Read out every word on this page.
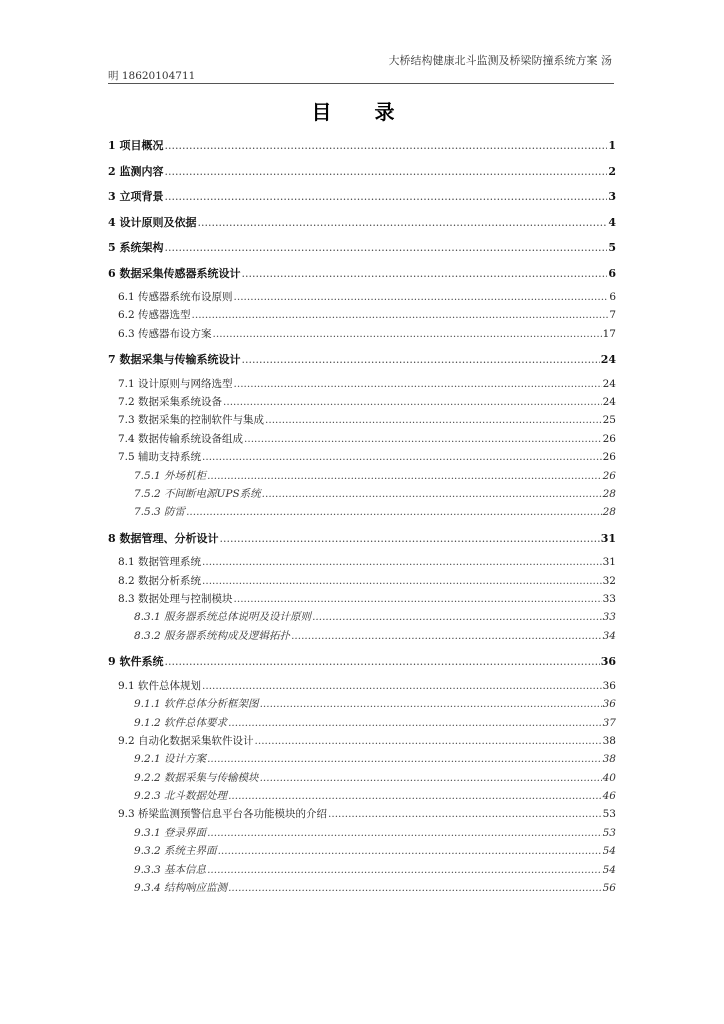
大桥结构健康北斗监测及桥梁防撞系统方案 汤
明 18620104711
目 录
1 项目概况 .....	1
2 监测内容 .....	2
3 立项背景 .....	3
4 设计原则及依据 .....	4
5 系统架构 .....	5
6 数据采集传感器系统设计 .....	6
6.1 传感器系统布设原则 .....	6
6.2 传感器选型 .....	7
6.3 传感器布设方案 .....	17
7 数据采集与传输系统设计 .....	24
7.1 设计原则与网络选型 .....	24
7.2 数据采集系统设备 .....	24
7.3 数据采集的控制软件与集成 .....	25
7.4 数据传输系统设备组成 .....	26
7.5 辅助支持系统 .....	26
7.5.1 外场机柜 .....	26
7.5.2 不间断电源UPS系统 .....	28
7.5.3 防雷 .....	28
8 数据管理、分析设计 .....	31
8.1 数据管理系统 .....	31
8.2 数据分析系统 .....	32
8.3 数据处理与控制模块 .....	33
8.3.1 服务器系统总体说明及设计原则 .....	33
8.3.2 服务器系统构成及逻辑拓扑 .....	34
9 软件系统 .....	36
9.1 软件总体规划 .....	36
9.1.1 软件总体分析框架图 .....	36
9.1.2 软件总体要求 .....	37
9.2 自动化数据采集软件设计 .....	38
9.2.1 设计方案 .....	38
9.2.2 数据采集与传输模块 .....	40
9.2.3 北斗数据处理 .....	46
9.3 桥梁监测预警信息平台各功能模块的介绍 .....	53
9.3.1 登录界面 .....	53
9.3.2 系统主界面 .....	54
9.3.3 基本信息 .....	54
9.3.4 结构响应监测 .....	56
